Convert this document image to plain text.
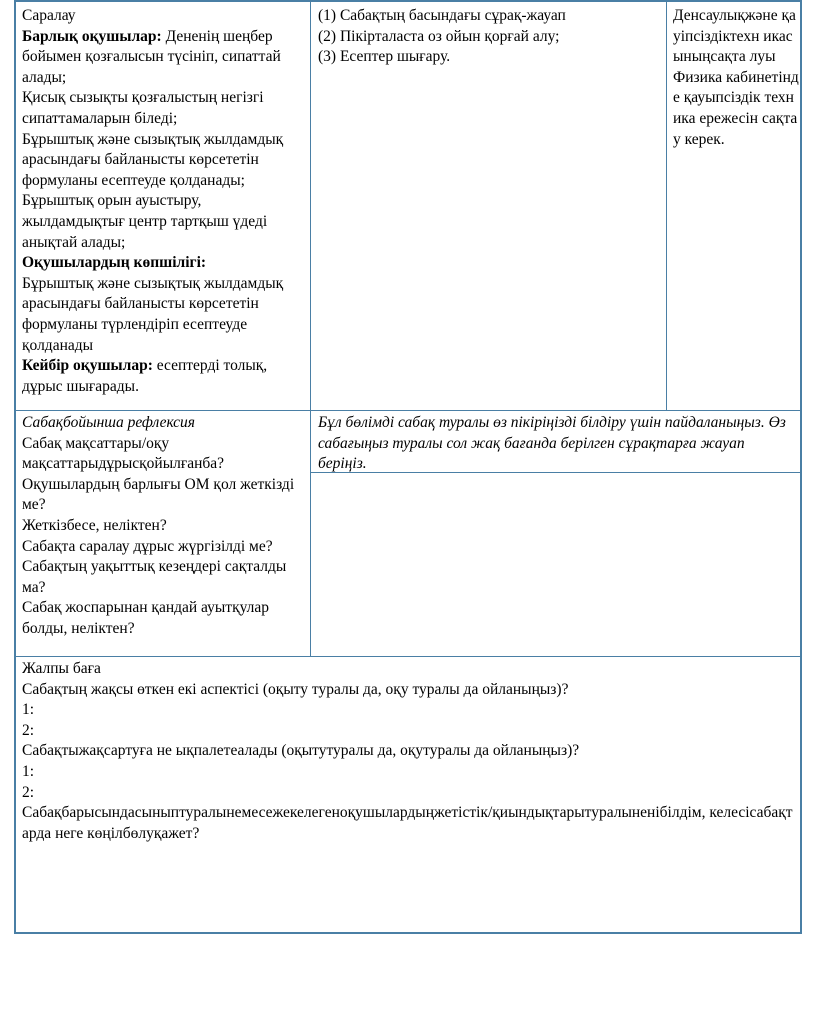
Саралау

Барлық оқушылар: Дененің шеңбер бойымен қозғалысын түсініп, сипаттай алады;

Қисық сызықты қозғалыстың негізгі сипаттамаларын біледі;

Бұрыштық және сызықтық жылдамдық арасындағы байланысты көрсететін формуланы есептеуде қолданады;

Бұрыштық орын ауыстыру, жылдамдықтығ центр тартқыш үдеді анықтай алады;

Оқушылардың көпшілігі:

Бұрыштық және сызықтық жылдамдық арасындағы байланысты көрсететін формуланы түрлендіріп есептеуде қолданады

Кейбір оқушылар: есептерді толық, дұрыс шығарады.

(1) Сабақтың басындағы сұрақ-жауап

(2) Пікірталаста оз ойын қорғай алу;

(3) Есептер шығару.

Денсаулықжәне қауіпсіздіктехн икасыныңсақта луы

Физика кабинетінде қауыпсіздік техника ережесін сақтау керек.

Сабақбойынша рефлексия

Сабақ мақсаттары/оқу мақсаттарыдұрысқойылғанба?

Оқушылардың барлығы ОМ қол жеткізді ме?

Жеткізбесе, неліктен?

Сабақта саралау дұрыс жүргізілді ме?

Сабақтың уақыттық кезеңдері сақталды ма?

Сабақ жоспарынан қандай ауытқулар болды, неліктен?

Бұл бөлімді сабақ туралы өз пікіріңізді білдіру үшін пайдаланыңыз. Өз сабағыңыз туралы сол жақ бағанда берілген сұрақтарға жауап беріңіз.

Жалпы баға

Сабақтың жақсы өткен екі аспектісі (оқыту туралы да, оқу туралы да ойланыңыз)?

1:

2:

Сабақтыжақсартуға не ықпалетеалады (оқытутуралы да, оқутуралы да ойланыңыз)?

1:

2:

Сабақбарысындасыныптуралынемесежекелегеноқушылардыңжетістік/қиындықтарытуралыненібілдім, келесісабақтарда неге көңілбөлуқажет?
